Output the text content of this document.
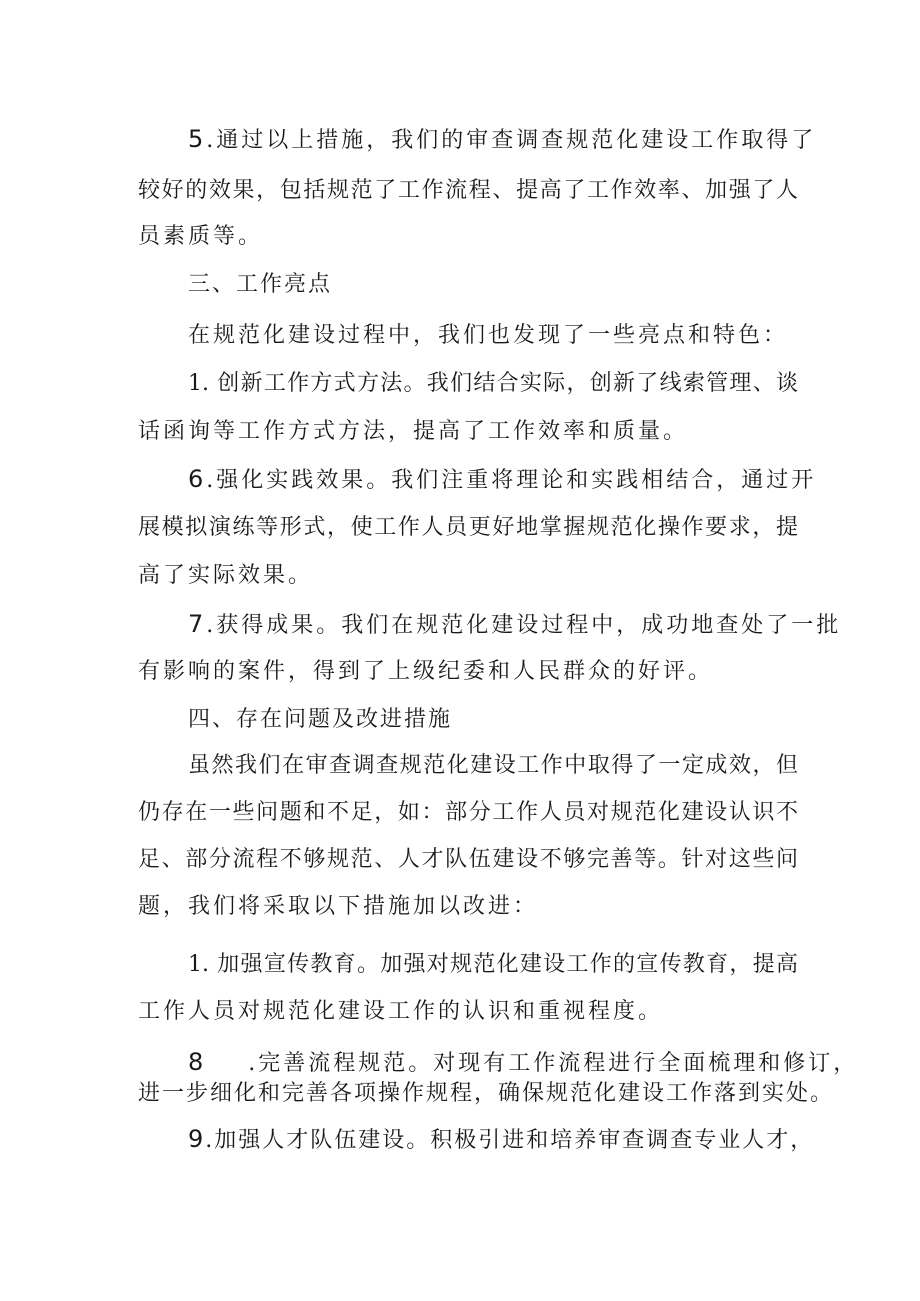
5.通过以上措施，我们的审查调查规范化建设工作取得了
较好的效果，包括规范了工作流程、提高了工作效率、加强了人
员素质等。
三、工作亮点
在规范化建设过程中，我们也发现了一些亮点和特色：
1. 创新工作方式方法。我们结合实际，创新了线索管理、谈
话函询等工作方式方法，提高了工作效率和质量。
6.强化实践效果。我们注重将理论和实践相结合，通过开
展模拟演练等形式，使工作人员更好地掌握规范化操作要求，提
高了实际效果。
7.获得成果。我们在规范化建设过程中，成功地查处了一批
有影响的案件，得到了上级纪委和人民群众的好评。
四、存在问题及改进措施
虽然我们在审查调查规范化建设工作中取得了一定成效，但
仍存在一些问题和不足，如：部分工作人员对规范化建设认识不
足、部分流程不够规范、人才队伍建设不够完善等。针对这些问
题，我们将采取以下措施加以改进：
1. 加强宣传教育。加强对规范化建设工作的宣传教育，提高
工作人员对规范化建设工作的认识和重视程度。
8 .完善流程规范。对现有工作流程进行全面梳理和修订，
进一步细化和完善各项操作规程，确保规范化建设工作落到实处。
9.加强人才队伍建设。积极引进和培养审查调查专业人才，
